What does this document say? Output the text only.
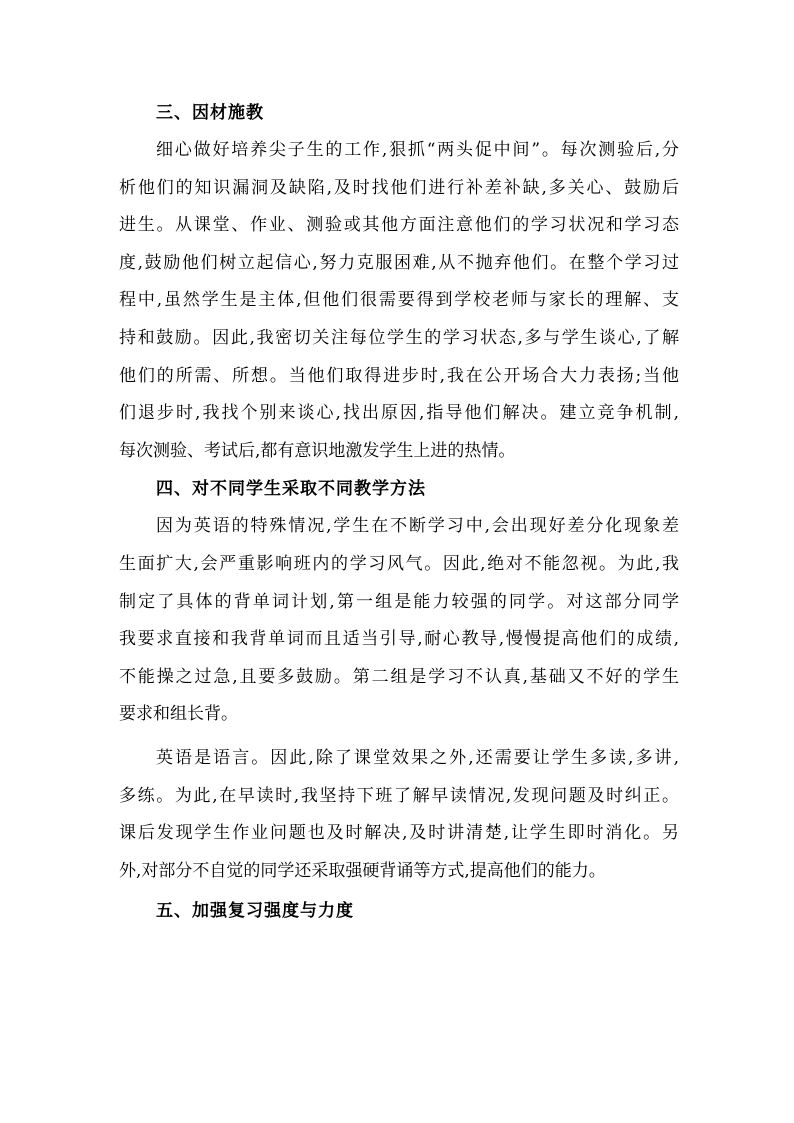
三、因材施教

细心做好培养尖子生的工作,狠抓“两头促中间”。每次测验后,分
析他们的知识漏洞及缺陷,及时找他们进行补差补缺,多关心、鼓励后
进生。从课堂、作业、测验或其他方面注意他们的学习状况和学习态
度,鼓励他们树立起信心,努力克服困难,从不抛弃他们。在整个学习过
程中,虽然学生是主体,但他们很需要得到学校老师与家长的理解、支
持和鼓励。因此,我密切关注每位学生的学习状态,多与学生谈心,了解
他们的所需、所想。当他们取得进步时,我在公开场合大力表扬;当他
们退步时,我找个别来谈心,找出原因,指导他们解决。建立竞争机制,
每次测验、考试后,都有意识地激发学生上进的热情。

四、对不同学生采取不同教学方法

因为英语的特殊情况,学生在不断学习中,会出现好差分化现象差
生面扩大,会严重影响班内的学习风气。因此,绝对不能忽视。为此,我
制定了具体的背单词计划,第一组是能力较强的同学。对这部分同学
我要求直接和我背单词而且适当引导,耐心教导,慢慢提高他们的成绩,
不能操之过急,且要多鼓励。第二组是学习不认真,基础又不好的学生
要求和组长背。

英语是语言。因此,除了课堂效果之外,还需要让学生多读,多讲,
多练。为此,在早读时,我坚持下班了解早读情况,发现问题及时纠正。
课后发现学生作业问题也及时解决,及时讲清楚,让学生即时消化。另
外,对部分不自觉的同学还采取强硬背诵等方式,提高他们的能力。

五、加强复习强度与力度
